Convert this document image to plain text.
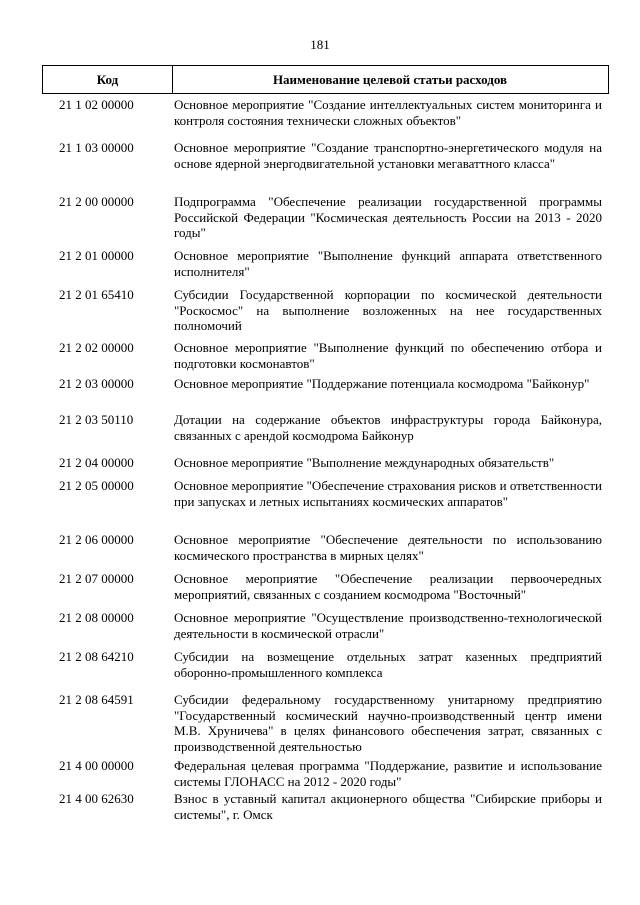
181
Код	Наименование целевой статьи расходов
21 1 02 00000	Основное мероприятие "Создание интеллектуальных систем мониторинга и контроля состояния технически сложных объектов"
21 1 03 00000	Основное мероприятие "Создание транспортно-энергетического модуля на основе ядерной энергодвигательной установки мегаваттного класса"
21 2 00 00000	Подпрограмма "Обеспечение реализации государственной программы Российской Федерации "Космическая деятельность России на 2013 - 2020 годы"
21 2 01 00000	Основное мероприятие "Выполнение функций аппарата ответственного исполнителя"
21 2 01 65410	Субсидии Государственной корпорации по космической деятельности "Роскосмос" на выполнение возложенных на нее государственных полномочий
21 2 02 00000	Основное мероприятие "Выполнение функций по обеспечению отбора и подготовки космонавтов"
21 2 03 00000	Основное мероприятие "Поддержание потенциала космодрома "Байконур"
21 2 03 50110	Дотации на содержание объектов инфраструктуры города Байконура, связанных с арендой космодрома Байконур
21 2 04 00000	Основное мероприятие "Выполнение международных обязательств"
21 2 05 00000	Основное мероприятие "Обеспечение страхования рисков и ответственности при запусках и летных испытаниях космических аппаратов"
21 2 06 00000	Основное мероприятие "Обеспечение деятельности по использованию космического пространства в мирных целях"
21 2 07 00000	Основное мероприятие "Обеспечение реализации первоочередных мероприятий, связанных с созданием космодрома "Восточный"
21 2 08 00000	Основное мероприятие "Осуществление производственно-технологической деятельности в космической отрасли"
21 2 08 64210	Субсидии на возмещение отдельных затрат казенных предприятий оборонно-промышленного комплекса
21 2 08 64591	Субсидии федеральному государственному унитарному предприятию "Государственный космический научно-производственный центр имени М.В. Хруничева" в целях финансового обеспечения затрат, связанных с производственной деятельностью
21 4 00 00000	Федеральная целевая программа "Поддержание, развитие и использование системы ГЛОНАСС на 2012 - 2020 годы"
21 4 00 62630	Взнос в уставный капитал акционерного общества "Сибирские приборы и системы", г. Омск
